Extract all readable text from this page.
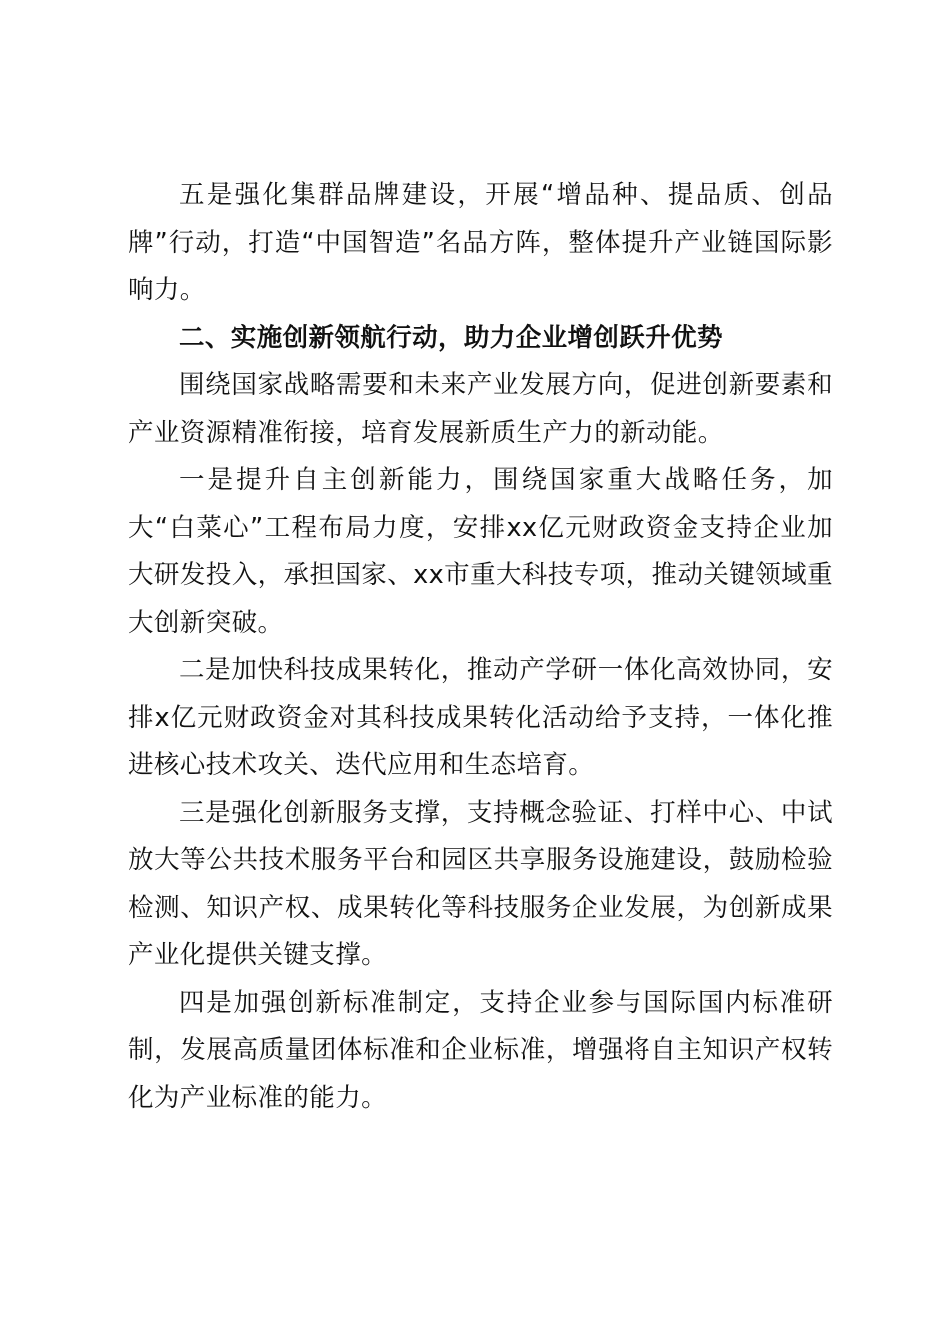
五是强化集群品牌建设，开展“增品种、提品质、创品牌”行动，打造“中国智造”名品方阵，整体提升产业链国际影响力。

二、实施创新领航行动，助力企业增创跃升优势

围绕国家战略需要和未来产业发展方向，促进创新要素和产业资源精准衔接，培育发展新质生产力的新动能。

一是提升自主创新能力，围绕国家重大战略任务，加大“白菜心”工程布局力度，安排xx亿元财政资金支持企业加大研发投入，承担国家、xx市重大科技专项，推动关键领域重大创新突破。

二是加快科技成果转化，推动产学研一体化高效协同，安排x亿元财政资金对其科技成果转化活动给予支持，一体化推进核心技术攻关、迭代应用和生态培育。

三是强化创新服务支撑，支持概念验证、打样中心、中试放大等公共技术服务平台和园区共享服务设施建设，鼓励检验检测、知识产权、成果转化等科技服务企业发展，为创新成果产业化提供关键支撑。

四是加强创新标准制定，支持企业参与国际国内标准研制，发展高质量团体标准和企业标准，增强将自主知识产权转化为产业标准的能力。
